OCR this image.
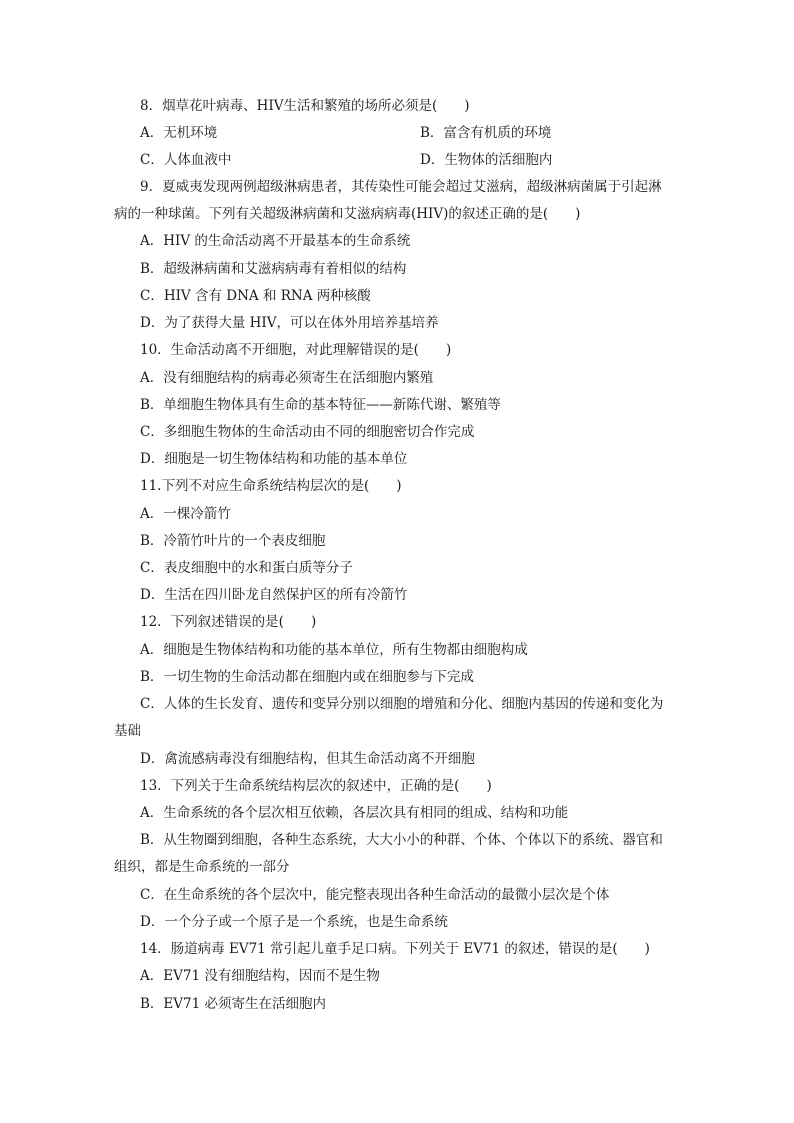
8．烟草花叶病毒、HIV生活和繁殖的场所必须是(　　)
A．无机环境	B．富含有机质的环境
C．人体血液中	D．生物体的活细胞内
9．夏威夷发现两例超级淋病患者，其传染性可能会超过艾滋病，超级淋病菌属于引起淋
病的一种球菌。下列有关超级淋病菌和艾滋病病毒(HIV)的叙述正确的是(　　)
A．HIV 的生命活动离不开最基本的生命系统
B．超级淋病菌和艾滋病病毒有着相似的结构
C．HIV 含有 DNA 和 RNA 两种核酸
D．为了获得大量 HIV，可以在体外用培养基培养
10．生命活动离不开细胞，对此理解错误的是(　　)
A．没有细胞结构的病毒必须寄生在活细胞内繁殖
B．单细胞生物体具有生命的基本特征——新陈代谢、繁殖等
C．多细胞生物体的生命活动由不同的细胞密切合作完成
D．细胞是一切生物体结构和功能的基本单位
11.下列不对应生命系统结构层次的是(　　)
A．一棵冷箭竹
B．冷箭竹叶片的一个表皮细胞
C．表皮细胞中的水和蛋白质等分子
D．生活在四川卧龙自然保护区的所有冷箭竹
12．下列叙述错误的是(　　)
A．细胞是生物体结构和功能的基本单位，所有生物都由细胞构成
B．一切生物的生命活动都在细胞内或在细胞参与下完成
C．人体的生长发育、遗传和变异分别以细胞的增殖和分化、细胞内基因的传递和变化为
基础
D．禽流感病毒没有细胞结构，但其生命活动离不开细胞
13．下列关于生命系统结构层次的叙述中，正确的是(　　)
A．生命系统的各个层次相互依赖，各层次具有相同的组成、结构和功能
B．从生物圈到细胞，各种生态系统，大大小小的种群、个体、个体以下的系统、器官和
组织，都是生命系统的一部分
C．在生命系统的各个层次中，能完整表现出各种生命活动的最微小层次是个体
D．一个分子或一个原子是一个系统，也是生命系统
14．肠道病毒 EV71 常引起儿童手足口病。下列关于 EV71 的叙述，错误的是(　　)
A．EV71 没有细胞结构，因而不是生物
B．EV71 必须寄生在活细胞内
